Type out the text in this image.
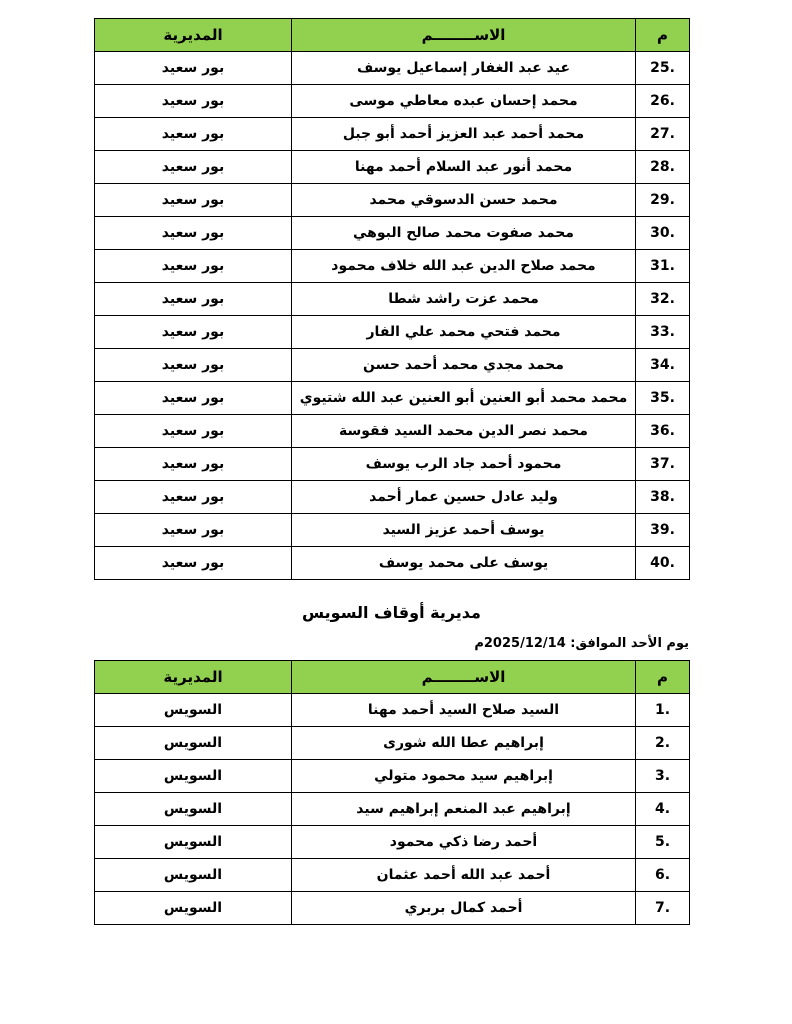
م	الاســــــــم	المديرية
25.	عيد عبد الغفار إسماعيل يوسف	بور سعيد
26.	محمد إحسان عبده معاطي موسى	بور سعيد
27.	محمد أحمد عبد العزيز أحمد أبو جبل	بور سعيد
28.	محمد أنور عبد السلام أحمد مهنا	بور سعيد
29.	محمد حسن الدسوقي محمد	بور سعيد
30.	محمد صفوت محمد صالح البوهي	بور سعيد
31.	محمد صلاح الدين عبد الله خلاف محمود	بور سعيد
32.	محمد عزت راشد شطا	بور سعيد
33.	محمد فتحي محمد علي الفار	بور سعيد
34.	محمد مجدي محمد أحمد حسن	بور سعيد
35.	محمد محمد أبو العنين أبو العنين عبد الله شتيوي	بور سعيد
36.	محمد نصر الدين محمد السيد فقوسة	بور سعيد
37.	محمود أحمد جاد الرب يوسف	بور سعيد
38.	وليد عادل حسين عمار أحمد	بور سعيد
39.	يوسف أحمد عزيز السيد	بور سعيد
40.	يوسف على محمد يوسف	بور سعيد
مديرية أوقاف السويس
يوم الأحد الموافق: 2025/12/14م
م	الاســــــــم	المديرية
1.	السيد صلاح السيد أحمد مهنا	السويس
2.	إبراهيم عطا الله شورى	السويس
3.	إبراهيم سيد محمود متولي	السويس
4.	إبراهيم عبد المنعم إبراهيم سيد	السويس
5.	أحمد رضا ذكي محمود	السويس
6.	أحمد عبد الله أحمد عثمان	السويس
7.	أحمد كمال بربري	السويس
